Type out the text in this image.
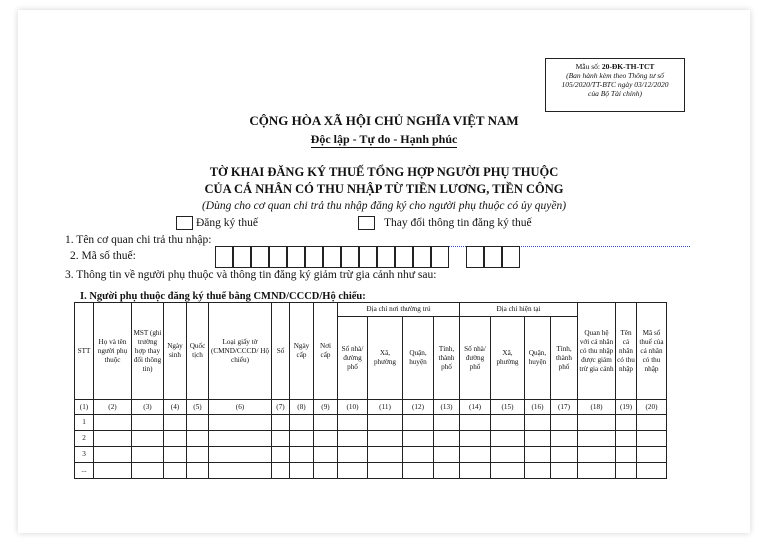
Mẫu số: 20-ĐK-TH-TCT
(Ban hành kèm theo Thông tư số
105/2020/TT-BTC ngày 03/12/2020
của Bộ Tài chính)
CỘNG HÒA XÃ HỘI CHỦ NGHĨA VIỆT NAM
Độc lập - Tự do - Hạnh phúc
TỜ KHAI ĐĂNG KÝ THUẾ TỔNG HỢP NGƯỜI PHỤ THUỘC
CỦA CÁ NHÂN CÓ THU NHẬP TỪ TIỀN LƯƠNG, TIỀN CÔNG
(Dùng cho cơ quan chi trả thu nhập đăng ký cho người phụ thuộc có ủy quyền)
Đăng ký thuế	Thay đổi thông tin đăng ký thuế
1. Tên cơ quan chi trả thu nhập:
2. Mã số thuế:
3. Thông tin về người phụ thuộc và thông tin đăng ký giảm trừ gia cảnh như sau:
I. Người phụ thuộc đăng ký thuế bằng CMND/CCCD/Hộ chiếu:
STT	Họ và tên người phụ thuộc	MST (ghi trường hợp thay đổi thông tin)	Ngày sinh	Quốc tịch	Loại giấy tờ (CMND/CCCD/ Hộ chiếu)	Số	Ngày cấp	Nơi cấp	Địa chỉ nơi thường trú				Địa chỉ hiện tại				Quan hệ với cá nhân có thu nhập được giảm trừ gia cảnh	Tên cá nhân có thu nhập	Mã số thuế của cá nhân có thu nhập
									Số nhà/ đường phố	Xã, phường	Quận, huyện	Tỉnh, thành phố	Số nhà/ đường phố	Xã, phường	Quận, huyện	Tỉnh, thành phố			
(1)	(2)	(3)	(4)	(5)	(6)	(7)	(8)	(9)	(10)	(11)	(12)	(13)	(14)	(15)	(16)	(17)	(18)	(19)	(20)
1																			
2																			
3																			
...																			
